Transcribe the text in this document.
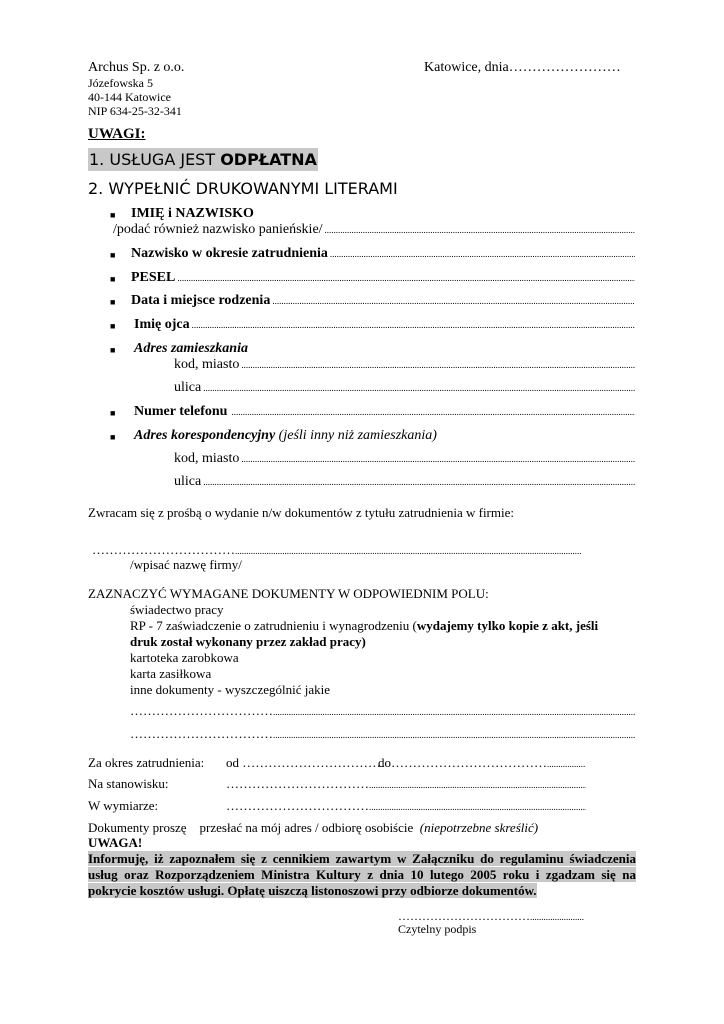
Archus Sp. z o.o.
Józefowska 5
40-144 Katowice
NIP 634-25-32-341
Katowice, dnia……………………
UWAGI:
1. USŁUGA JEST ODPŁATNA
2. WYPEŁNIĆ DRUKOWANYMI LITERAMI
■ IMIĘ i NAZWISKO
/podać również nazwisko panieńskie/
.....
■ Nazwisko w okresie zatrudnienia
.....
■ PESEL
.....
■ Data i miejsce rodzenia
.....
■ Imię ojca
.....
■ Adres zamieszkania
kod, miasto
.....
ulica
.....
■ Numer telefonu
.....
■ Adres korespondencyjny (jeśli inny niż zamieszkania)
kod, miasto
.....
ulica
.....
Zwracam się z prośbą o wydanie n/w dokumentów z tytułu zatrudnienia w firmie:
……………………………
.....
/wpisać nazwę firmy/
ZAZNACZYĆ WYMAGANE DOKUMENTY W ODPOWIEDNIM POLU:
świadectwo pracy
RP - 7 zaświadczenie o zatrudnieniu i wynagrodzeniu (wydajemy tylko kopie z akt, jeśli
druk został wykonany przez zakład pracy)
kartoteka zarobkowa
karta zasiłkowa
inne dokumenty - wyszczególnić jakie
……………………………
.....
……………………………
.....
Za okres zatrudnienia: od ……………………………
do………………………………
.....
Na stanowisku:	……………………………
.....
W wymiarze:	……………………………
.....
Dokumenty proszę    przesłać na mój adres / odbiorę osobiście (niepotrzebne skreślić)
UWAGA!
Informuję, iż zapoznałem się z cennikiem zawartym w Załączniku do regulaminu świadczenia usług oraz Rozporządzeniem Ministra Kultury z dnia 10 lutego 2005 roku i zgadzam się na pokrycie kosztów usługi. Opłatę uiszczą listonoszowi przy odbiorze dokumentów.
……………………………
.....
Czytelny podpis
